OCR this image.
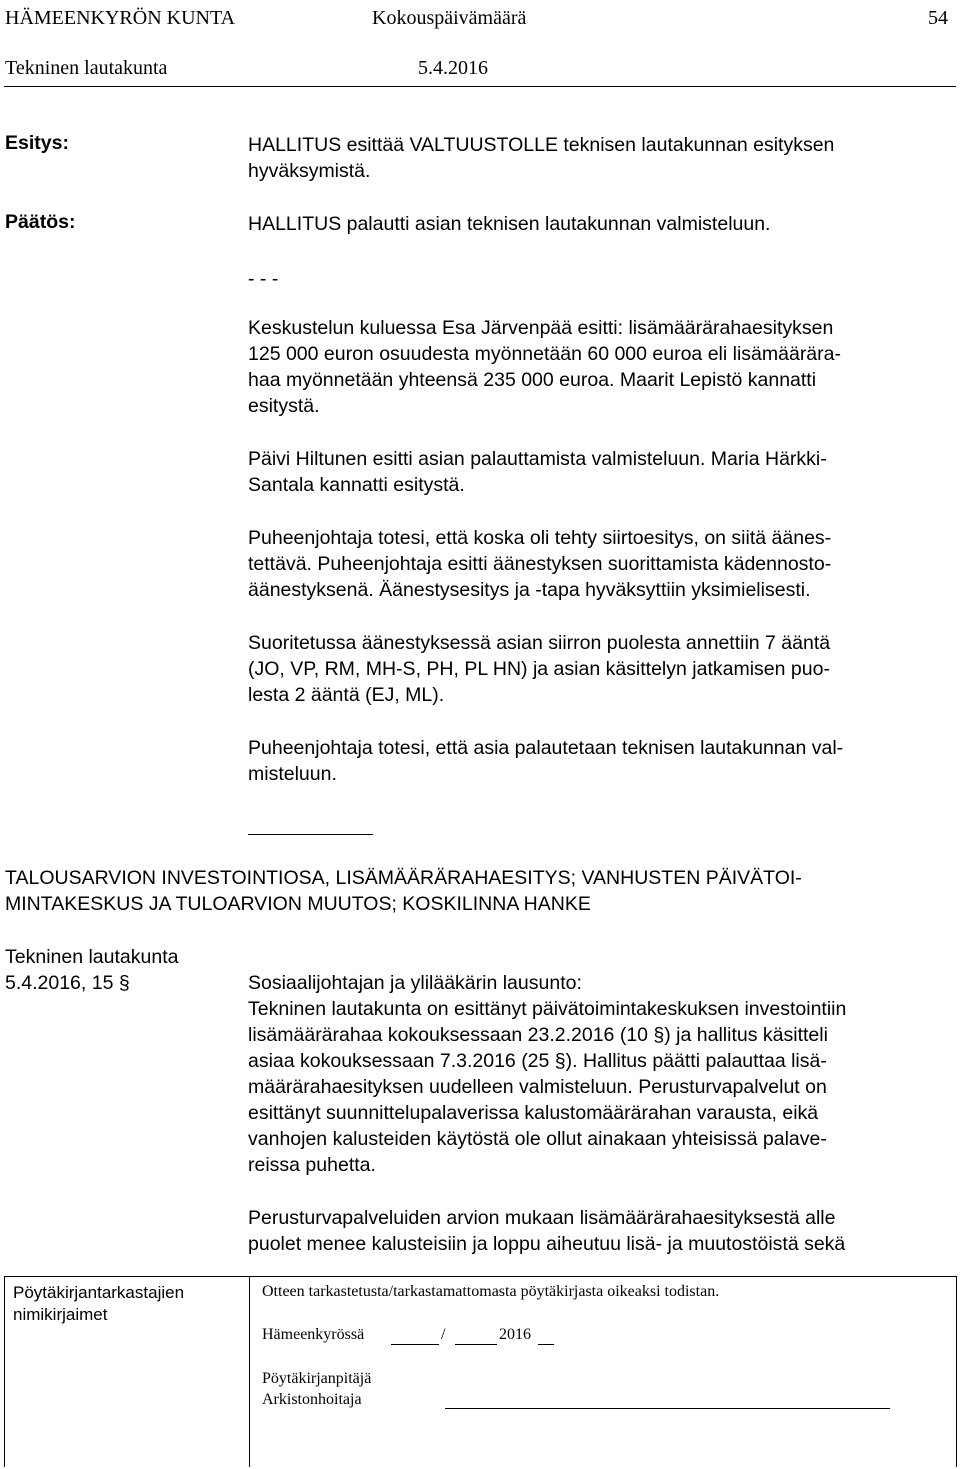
HÄMEENKYRÖN KUNTA	Kokouspäivämäärä	54
Tekninen lautakunta	5.4.2016
Esitys:	HALLITUS esittää VALTUUSTOLLE teknisen lautakunnan esityksen
hyväksymistä.
Päätös:	HALLITUS palautti asian teknisen lautakunnan valmisteluun.
- - -
Keskustelun kuluessa Esa Järvenpää esitti: lisämäärärahaesityksen
125 000 euron osuudesta myönnetään 60 000 euroa eli lisämäärära-
haa myönnetään yhteensä 235 000 euroa. Maarit Lepistö kannatti
esitystä.
Päivi Hiltunen esitti asian palauttamista valmisteluun. Maria Härkki-
Santala kannatti esitystä.
Puheenjohtaja totesi, että koska oli tehty siirtoesitys, on siitä äänes-
tettävä. Puheenjohtaja esitti äänestyksen suorittamista kädennosto-
äänestyksenä. Äänestysesitys ja -tapa hyväksyttiin yksimielisesti.
Suoritetussa äänestyksessä asian siirron puolesta annettiin 7 ääntä
(JO, VP, RM, MH-S, PH, PL HN) ja asian käsittelyn jatkamisen puo-
lesta 2 ääntä (EJ, ML).
Puheenjohtaja totesi, että asia palautetaan teknisen lautakunnan val-
misteluun.
TALOUSARVION INVESTOINTIOSA, LISÄMÄÄRÄRAHAESITYS; VANHUSTEN PÄIVÄTOI-
MINTAKESKUS JA TULOARVION MUUTOS; KOSKILINNA HANKE
Tekninen lautakunta
5.4.2016, 15 §	Sosiaalijohtajan ja ylilääkärin lausunto:
Tekninen lautakunta on esittänyt päivätoimintakeskuksen investointiin
lisämäärärahaa kokouksessaan 23.2.2016 (10 §) ja hallitus käsitteli
asiaa kokouksessaan 7.3.2016 (25 §). Hallitus päätti palauttaa lisä-
määrärahaesityksen uudelleen valmisteluun. Perusturvapalvelut on
esittänyt suunnittelupalaverissa kalustomäärärahan varausta, eikä
vanhojen kalusteiden käytöstä ole ollut ainakaan yhteisissä palave-
reissa puhetta.
Perusturvapalveluiden arvion mukaan lisämäärärahaesityksestä alle
puolet menee kalusteisiin ja loppu aiheutuu lisä- ja muutostöistä sekä
Pöytäkirjantarkastajien
nimikirjaimet
Otteen tarkastetusta/tarkastamattomasta pöytäkirjasta oikeaksi todistan.
Hämeenkyrössä	/	2016
Pöytäkirjanpitäjä
Arkistonhoitaja
